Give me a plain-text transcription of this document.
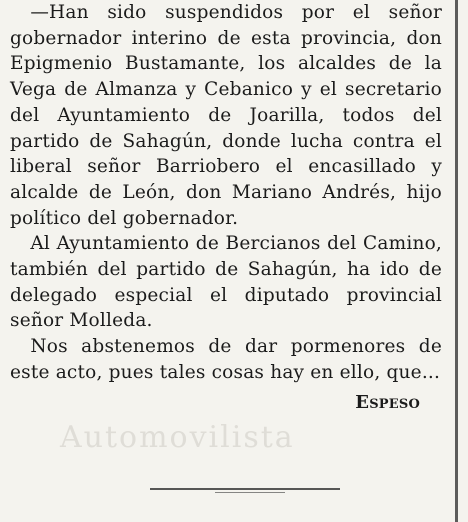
Automovilista

—Han sido suspendidos por el señor gobernador interino de esta provincia, don Epigmenio Bustamante, los alcaldes de la Vega de Almanza y Cebanico y el secretario del Ayuntamiento de Joarilla, todos del partido de Sahagún, donde lucha contra el liberal señor Barriobero el encasillado y alcalde de León, don Mariano Andrés, hijo político del gobernador.

Al Ayuntamiento de Bercianos del Camino, también del partido de Sahagún, ha ido de delegado especial el diputado provincial señor Molleda.

Nos abstenemos de dar pormenores de este acto, pues tales cosas hay en ello, que...

Espeso
